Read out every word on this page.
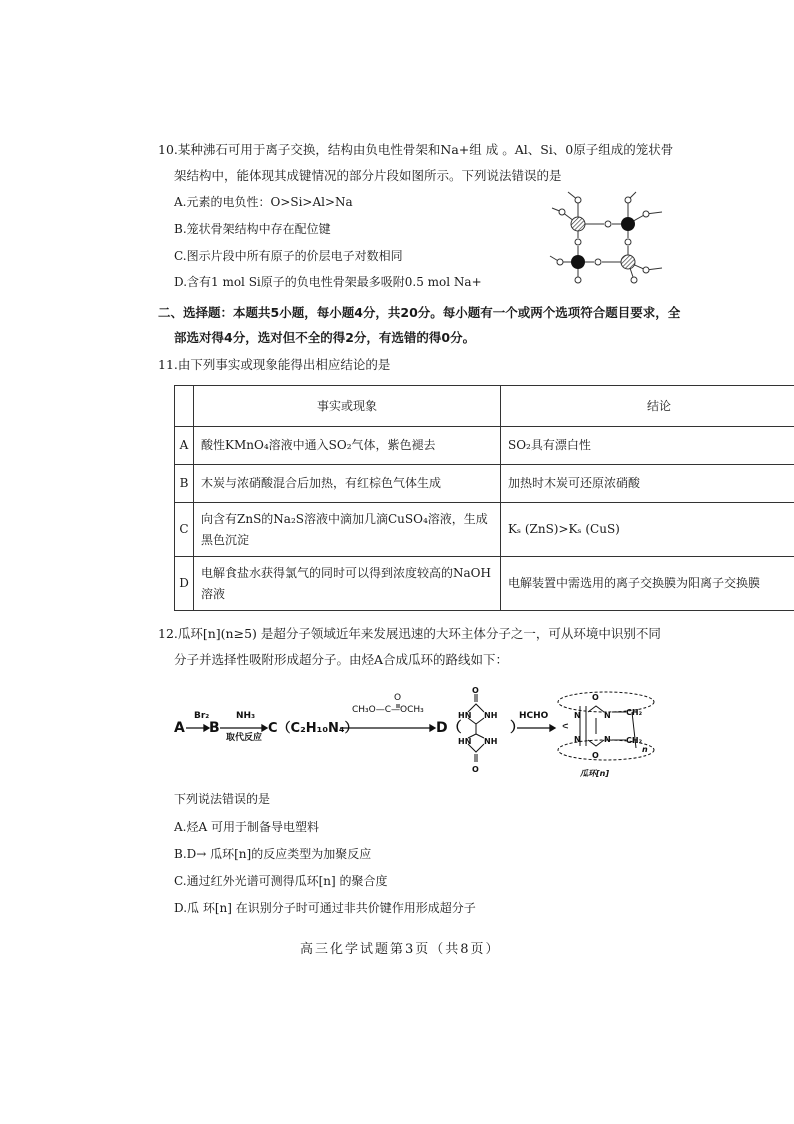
10.某种沸石可用于离子交换，结构由负电性骨架和Na+组 成 。Al、Si、0原子组成的笼状骨
架结构中，能体现其成键情况的部分片段如图所示。下列说法错误的是
A.元素的电负性：O>Si>Al>Na
B.笼状骨架结构中存在配位键
C.图示片段中所有原子的价层电子对数相同
D.含有1 mol Si原子的负电性骨架最多吸附0.5 mol Na+
二、选择题：本题共5小题，每小题4分，共20分。每小题有一个或两个选项符合题目要求，全
部选对得4分，选对但不全的得2分，有选错的得0分。
11.由下列事实或现象能得出相应结论的是
	事实或现象	结论
A	酸性KMnO₄溶液中通入SO₂气体，紫色褪去	SO₂具有漂白性
B	木炭与浓硝酸混合后加热，有红棕色气体生成	加热时木炭可还原浓硝酸
C	向含有ZnS的Na₂S溶液中滴加几滴CuSO₄溶液，生成黑色沉淀	Kₛ (ZnS)>Kₛ (CuS)
D	电解食盐水获得氯气的同时可以得到浓度较高的NaOH溶液	电解装置中需选用的离子交换膜为阳离子交换膜
12.瓜环[n](n≥5) 是超分子领域近年来发展迅速的大环主体分子之一，可从环境中识别不同
分子并选择性吸附形成超分子。由烃A合成瓜环的路线如下：
A
Br₂
B
NH₃
取代反应
C（C₂H₁₀N₄）
CH₃O—C—OCH₃
O
D（	）
HCHO
瓜环[n]
O
HN NH
HN NH
O
O
N	N
N	N
O
CH₂
CH₂
n
下列说法错误的是
A.烃A 可用于制备导电塑料
B.D→ 瓜环[n]的反应类型为加聚反应
C.通过红外光谱可测得瓜环[n] 的聚合度
D.瓜 环[n] 在识别分子时可通过非共价键作用形成超分子
高三化学试题第3页（共8页）
